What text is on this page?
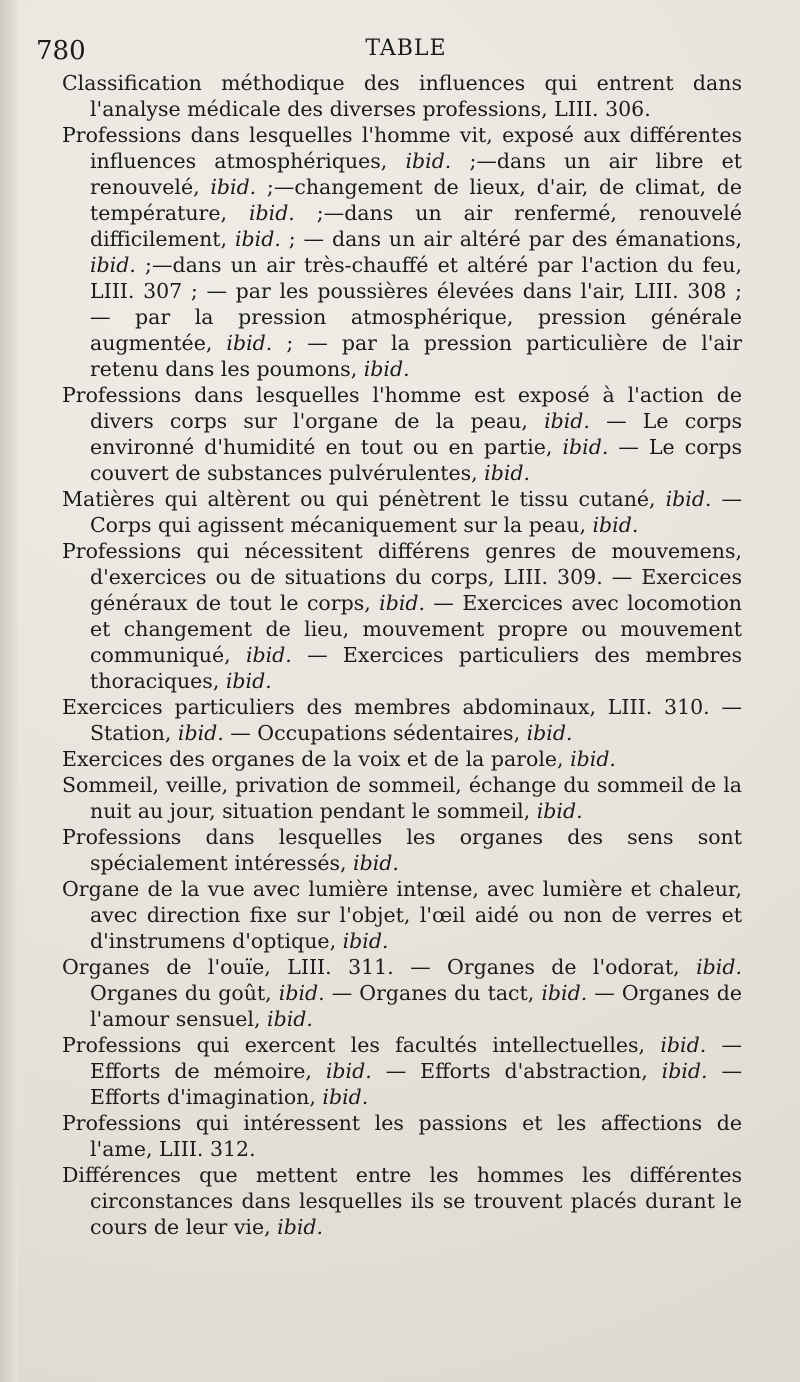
780	TABLE

Classification méthodique des influences qui entrent dans l'analyse médicale des diverses professions, LIII. 306.

Professions dans lesquelles l'homme vit, exposé aux différentes influences atmosphériques, ibid. ;—dans un air libre et renouvelé, ibid. ;—changement de lieux, d'air, de climat, de température, ibid. ;—dans un air renfermé, renouvelé difficilement, ibid. ; — dans un air altéré par des émanations, ibid. ;—dans un air très-chauffé et altéré par l'action du feu, LIII. 307 ; — par les poussières élevées dans l'air, LIII. 308 ; — par la pression atmosphérique, pression générale augmentée, ibid. ; — par la pression particulière de l'air retenu dans les poumons, ibid.

Professions dans lesquelles l'homme est exposé à l'action de divers corps sur l'organe de la peau, ibid. — Le corps environné d'humidité en tout ou en partie, ibid. — Le corps couvert de substances pulvérulentes, ibid.

Matières qui altèrent ou qui pénètrent le tissu cutané, ibid. — Corps qui agissent mécaniquement sur la peau, ibid.

Professions qui nécessitent différens genres de mouvemens, d'exercices ou de situations du corps, LIII. 309. — Exercices généraux de tout le corps, ibid. — Exercices avec locomotion et changement de lieu, mouvement propre ou mouvement communiqué, ibid. — Exercices particuliers des membres thoraciques, ibid.

Exercices particuliers des membres abdominaux, LIII. 310. — Station, ibid. — Occupations sédentaires, ibid.

Exercices des organes de la voix et de la parole, ibid.

Sommeil, veille, privation de sommeil, échange du sommeil de la nuit au jour, situation pendant le sommeil, ibid.

Professions dans lesquelles les organes des sens sont spécialement intéressés, ibid.

Organe de la vue avec lumière intense, avec lumière et chaleur, avec direction fixe sur l'objet, l'œil aidé ou non de verres et d'instrumens d'optique, ibid.

Organes de l'ouïe, LIII. 311. — Organes de l'odorat, ibid. Organes du goût, ibid. — Organes du tact, ibid. — Organes de l'amour sensuel, ibid.

Professions qui exercent les facultés intellectuelles, ibid. — Efforts de mémoire, ibid. — Efforts d'abstraction, ibid. — Efforts d'imagination, ibid.

Professions qui intéressent les passions et les affections de l'ame, LIII. 312.

Différences que mettent entre les hommes les différentes circonstances dans lesquelles ils se trouvent placés durant le cours de leur vie, ibid.
